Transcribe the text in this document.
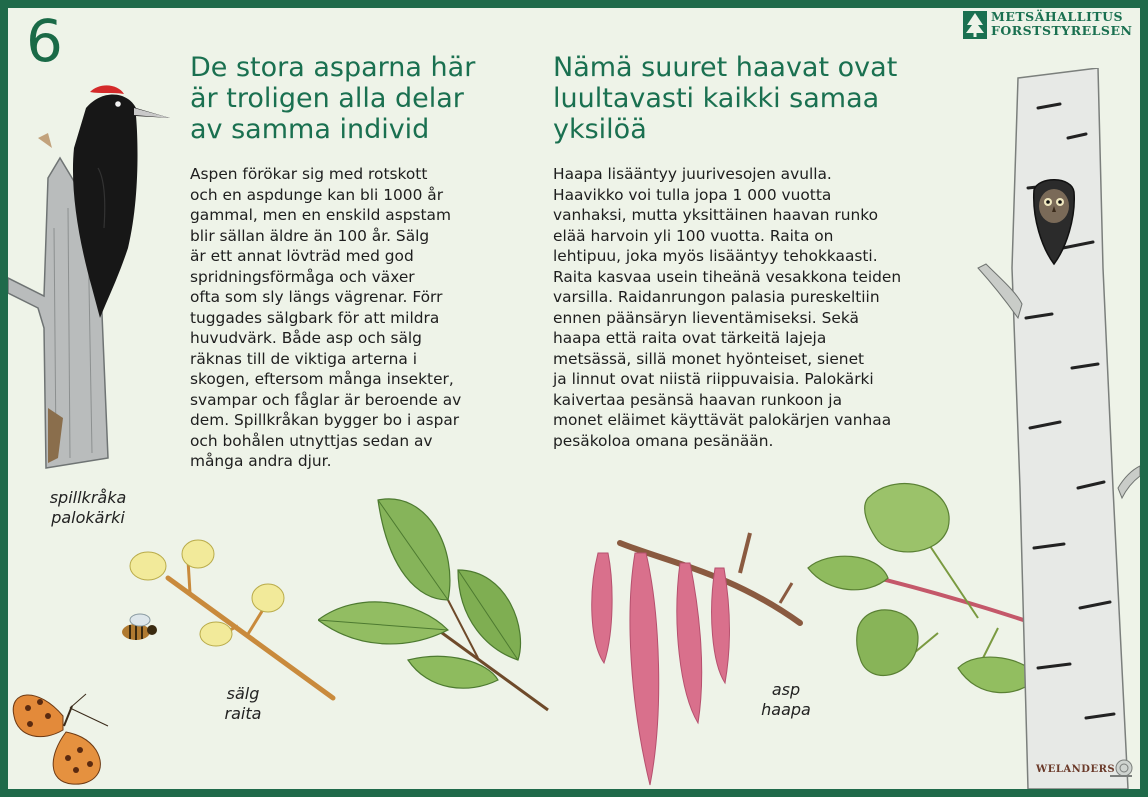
6	METSÄHALLITUS
FORSTSTYRELSEN
De stora asparna här
är troligen alla delar
av samma individ
Aspen förökar sig med rotskott
och en aspdunge kan bli 1000 år
gammal, men en enskild aspstam
blir sällan äldre än 100 år. Sälg
är ett annat lövträd med god
spridningsförmåga och växer
ofta som sly längs vägrenar. Förr
tuggades sälgbark för att mildra
huvudvärk. Både asp och sälg
räknas till de viktiga arterna i
skogen, eftersom många insekter,
svampar och fåglar är beroende av
dem. Spillkråkan bygger bo i aspar
och bohålen utnyttjas sedan av
många andra djur.
Nämä suuret haavat ovat
luultavasti kaikki samaa
yksilöä
Haapa lisääntyy juurivesojen avulla.
Haavikko voi tulla jopa 1 000 vuotta
vanhaksi, mutta yksittäinen haavan runko
elää harvoin yli 100 vuotta. Raita on
lehtipuu, joka myös lisääntyy tehokkaasti.
Raita kasvaa usein tiheänä vesakkona teiden
varsilla. Raidanrungon palasia pureskeltiin
ennen päänsäryn lieventämiseksi. Sekä
haapa että raita ovat tärkeitä lajeja
metsässä, sillä monet hyönteiset, sienet
ja linnut ovat niistä riippuvaisia. Palokärki
kaivertaa pesänsä haavan runkoon ja
monet eläimet käyttävät palokärjen vanhaa
pesäkoloa omana pesänään.
spillkråka
palokärki
sälg
raita
asp
haapa
WELANDERS
